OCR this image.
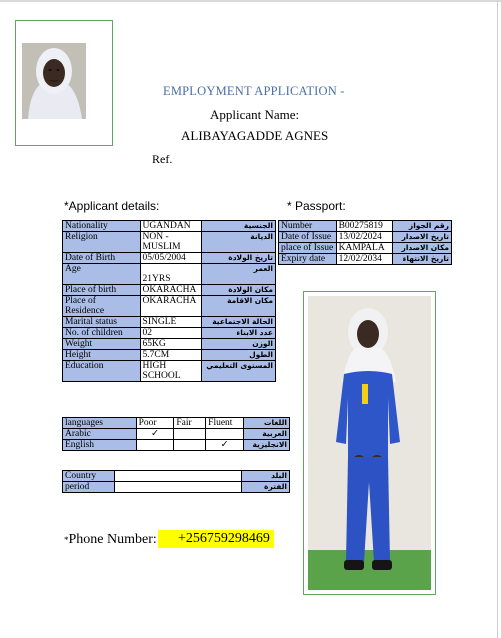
EMPLOYMENT APPLICATION -
Applicant Name:
ALIBAYAGADDE AGNES
Ref.
*Applicant details:	* Passport:
Nationality	UGANDAN	الجنسية
Religion	NON -
MUSLIM	الديانة
Date of Birth	05/05/2004	تاريخ الولادة
Age	
21YRS	العمر
Place of birth	OKARACHA	مكان الولادة
Place of
Residence	OKARACHA	مكان الاقامة
Marital status	SINGLE	الحالة الاجتماعية
No. of children	02	عدد الابناء
Weight	65KG	الوزن
Height	5.7CM	الطول
Education	HIGH
SCHOOL	المستوى التعليمي
Number	B00275819	رقم الجواز
Date of Issue	13/02/2024	تاريخ الاصدار
place of Issue	KAMPALA	مكان الاصدار
Expiry date	12/02/2034	تاريخ الانتهاء
languages	Poor	Fair	Fluent	اللغات
Arabic	✓			العربية
English			✓	الانجليزية
Country		البلد
period		الفترة
*Phone Number:	+256759298469
